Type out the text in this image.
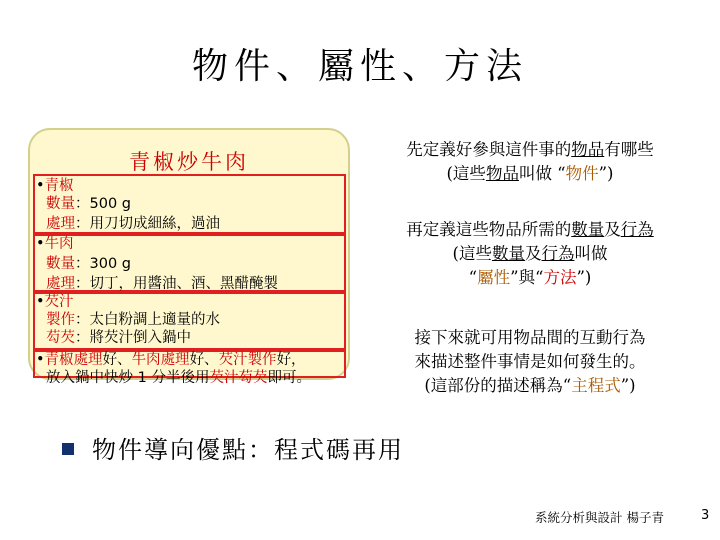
物件、屬性、方法
青椒炒牛肉
•青椒
數量：500 g
處理：用刀切成細絲，過油
•牛肉
數量：300 g
處理：切丁，用醬油、酒、黑醋醃製
•芡汁
製作：太白粉調上適量的水
芶芡：將芡汁倒入鍋中
•青椒處理好、牛肉處理好、芡汁製作好，
放入鍋中快炒 1 分半後用芡汁芶芡即可。
先定義好參與這件事的物品有哪些
(這些物品叫做 “物件”)
再定義這些物品所需的數量及行為
(這些數量及行為叫做
“屬性”與“方法”)
接下來就可用物品間的互動行為
來描述整件事情是如何發生的。
(這部份的描述稱為“主程式”)
物件導向優點：程式碼再用
系統分析與設計 楊子青	3
